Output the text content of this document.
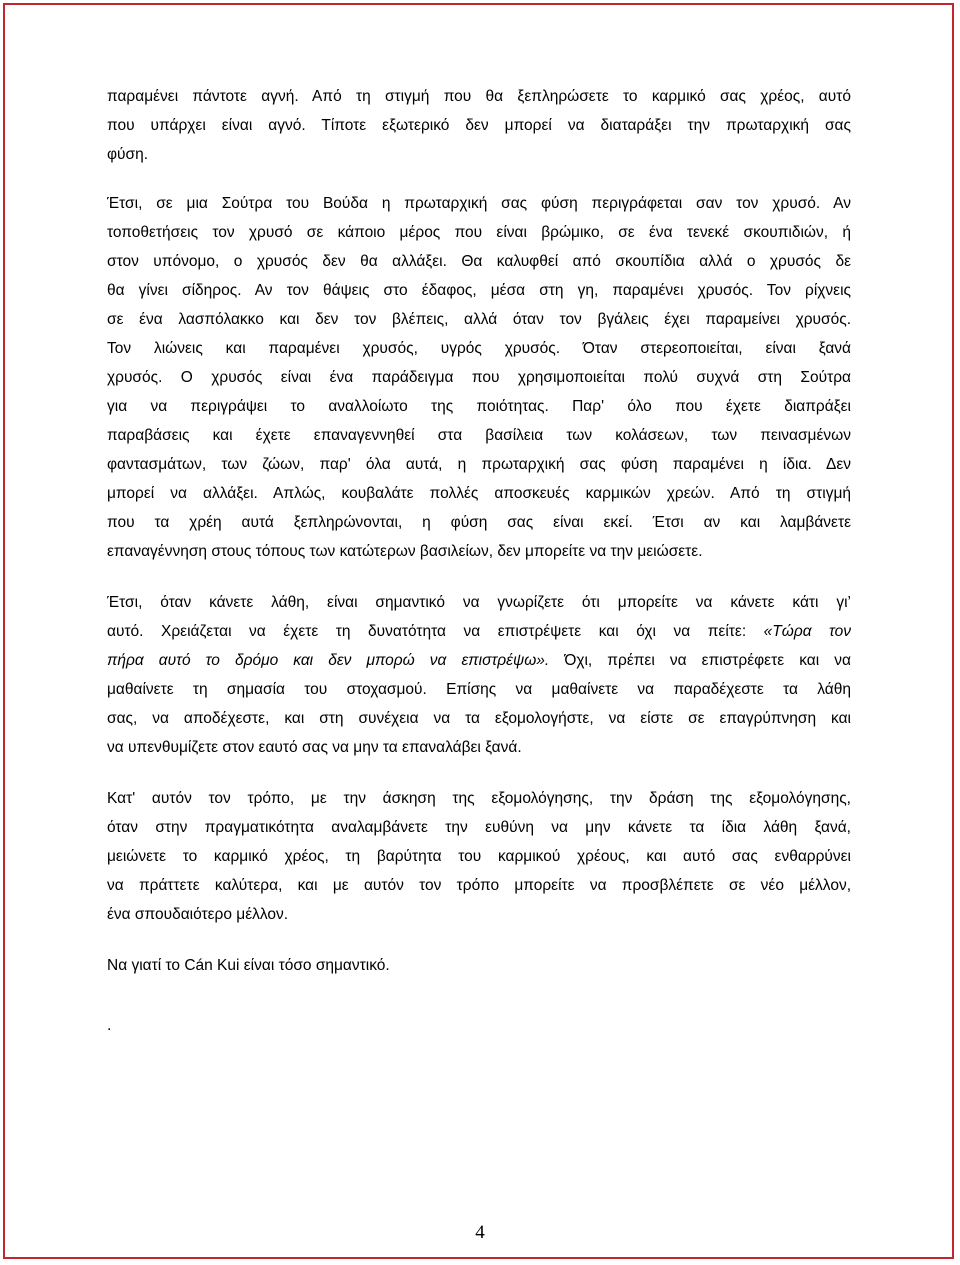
παραμένει πάντοτε αγνή. Από τη στιγμή που θα ξεπληρώσετε το καρμικό σας χρέος, αυτό
που υπάρχει είναι αγνό. Τίποτε εξωτερικό δεν μπορεί να διαταράξει την πρωταρχική σας
φύση.
Έτσι, σε μια Σούτρα του Βούδα η πρωταρχική σας φύση περιγράφεται σαν τον χρυσό. Αν
τοποθετήσεις τον χρυσό σε κάποιο μέρος που είναι βρώμικο, σε ένα τενεκέ σκουπιδιών, ή
στον υπόνομο, ο χρυσός δεν θα αλλάξει. Θα καλυφθεί από σκουπίδια αλλά ο χρυσός δε
θα γίνει σίδηρος. Αν τον θάψεις στο έδαφος, μέσα στη γη, παραμένει χρυσός. Τον ρίχνεις
σε ένα λασπόλακκο και δεν τον βλέπεις, αλλά όταν τον βγάλεις έχει παραμείνει χρυσός.
Τον λιώνεις και παραμένει χρυσός, υγρός χρυσός. Όταν στερεοποιείται, είναι ξανά
χρυσός. Ο χρυσός είναι ένα παράδειγμα που χρησιμοποιείται πολύ συχνά στη Σούτρα
για να περιγράψει το αναλλοίωτο της ποιότητας. Παρ' όλο που έχετε διαπράξει
παραβάσεις και έχετε επαναγεννηθεί στα βασίλεια των κολάσεων, των πεινασμένων
φαντασμάτων, των ζώων, παρ' όλα αυτά, η πρωταρχική σας φύση παραμένει η ίδια. Δεν
μπορεί να αλλάξει. Απλώς, κουβαλάτε πολλές αποσκευές καρμικών χρεών. Από τη στιγμή
που τα χρέη αυτά ξεπληρώνονται, η φύση σας είναι εκεί. Έτσι αν και λαμβάνετε
επαναγέννηση στους τόπους των κατώτερων βασιλείων, δεν μπορείτε να την μειώσετε.
Έτσι, όταν κάνετε λάθη, είναι σημαντικό να γνωρίζετε ότι μπορείτε να κάνετε κάτι γι’
αυτό. Χρειάζεται να έχετε τη δυνατότητα να επιστρέψετε και όχι να πείτε: «Τώρα τον
πήρα αυτό το δρόμο και δεν μπορώ να επιστρέψω». Όχι, πρέπει να επιστρέφετε και να
μαθαίνετε τη σημασία του στοχασμού. Επίσης να μαθαίνετε να παραδέχεστε τα λάθη
σας, να αποδέχεστε, και στη συνέχεια να τα εξομολογήστε, να είστε σε επαγρύπνηση και
να υπενθυμίζετε στον εαυτό σας να μην τα επαναλάβει ξανά.
Κατ' αυτόν τον τρόπο, με την άσκηση της εξομολόγησης, την δράση της εξομολόγησης,
όταν στην πραγματικότητα αναλαμβάνετε την ευθύνη να μην κάνετε τα ίδια λάθη ξανά,
μειώνετε το καρμικό χρέος, τη βαρύτητα του καρμικού χρέους, και αυτό σας ενθαρρύνει
να πράττετε καλύτερα, και με αυτόν τον τρόπο μπορείτε να προσβλέπετε σε νέο μέλλον,
ένα σπουδαιότερο μέλλον.
Να γιατί το Cán Kui είναι τόσο σημαντικό.
.
4
